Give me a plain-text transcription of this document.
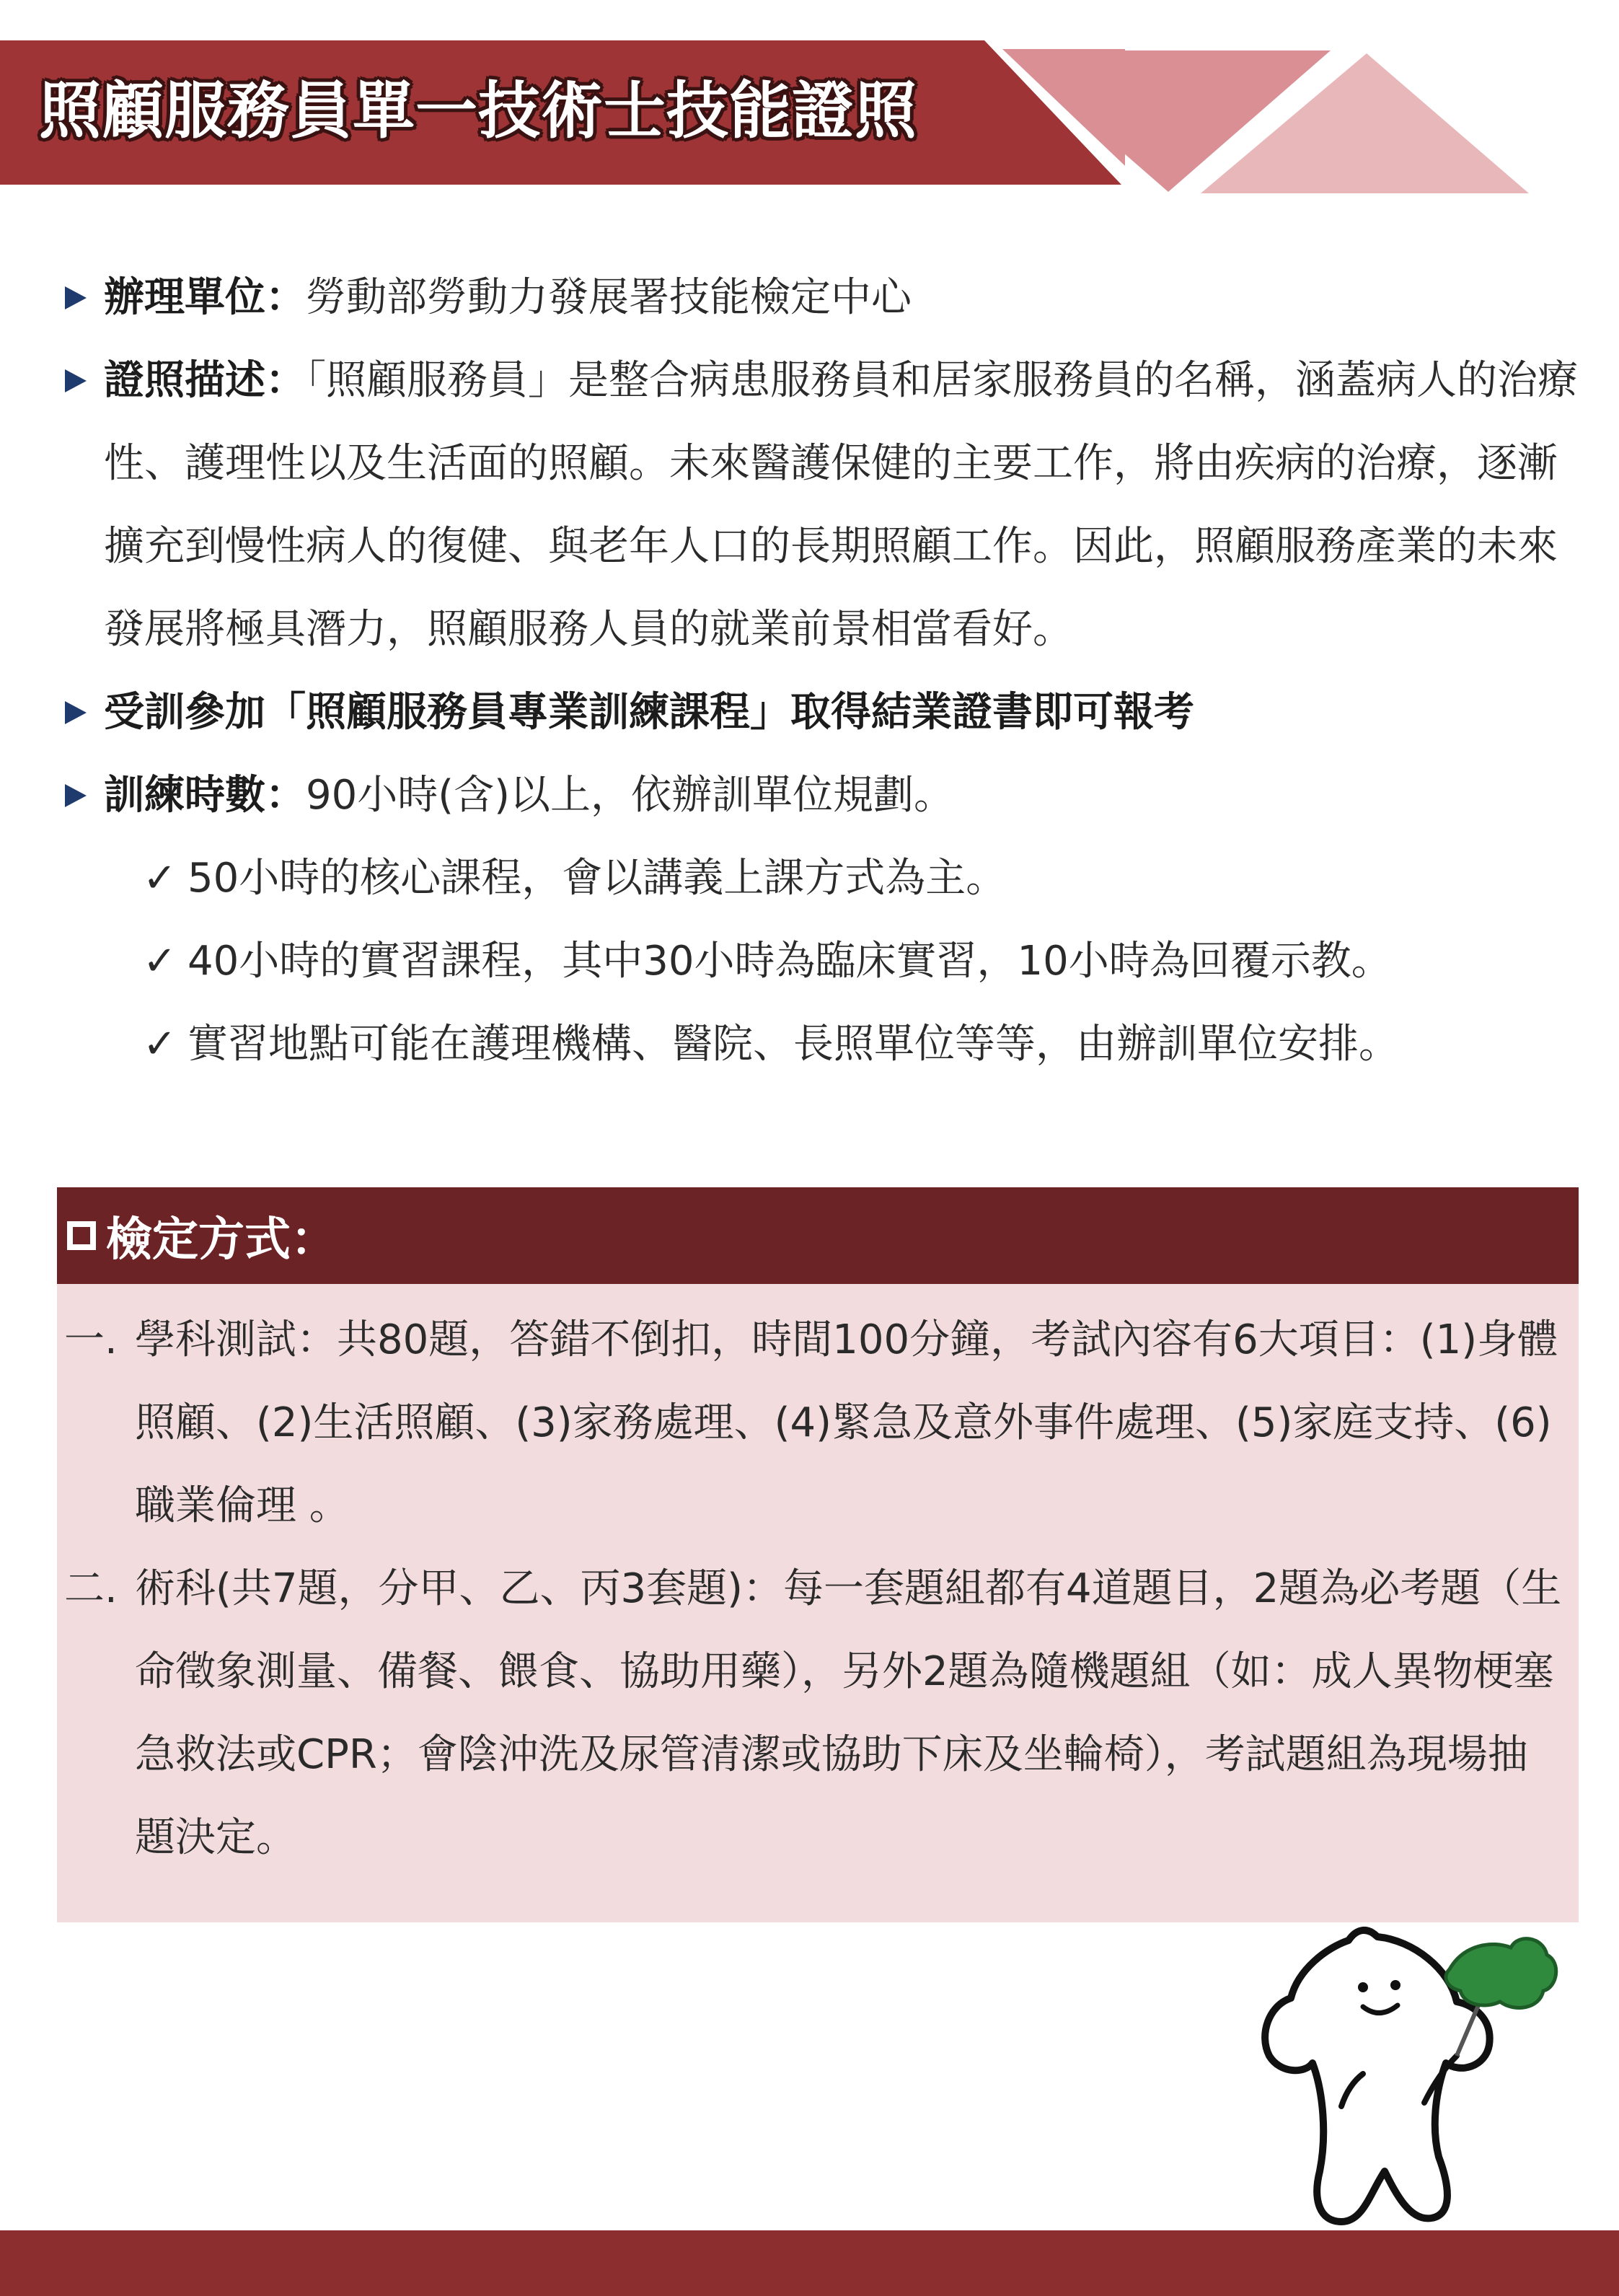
照顧服務員單一技術士技能證照
辦理單位：勞動部勞動力發展署技能檢定中心
證照描述：「照顧服務員」是整合病患服務員和居家服務員的名稱，涵蓋病人的治療性、護理性以及生活面的照顧。未來醫護保健的主要工作，將由疾病的治療，逐漸擴充到慢性病人的復健、與老年人口的長期照顧工作。因此，照顧服務產業的未來發展將極具潛力，照顧服務人員的就業前景相當看好。
受訓參加「照顧服務員專業訓練課程」取得結業證書即可報考
訓練時數：90小時(含)以上，依辦訓單位規劃。
✓ 50小時的核心課程，會以講義上課方式為主。
✓ 40小時的實習課程，其中30小時為臨床實習，10小時為回覆示教。
✓ 實習地點可能在護理機構、醫院、長照單位等等，由辦訓單位安排。
檢定方式：
一. 學科測試：共80題，答錯不倒扣，時間100分鐘，考試內容有6大項目：(1)身體照顧、(2)生活照顧、(3)家務處理、(4)緊急及意外事件處理、(5)家庭支持、(6)職業倫理 。
二. 術科(共7題，分甲、乙、丙3套題)：每一套題組都有4道題目，2題為必考題（生命徵象測量、備餐、餵食、協助用藥），另外2題為隨機題組（如：成人異物梗塞急救法或CPR；會陰沖洗及尿管清潔或協助下床及坐輪椅），考試題組為現場抽題決定。
